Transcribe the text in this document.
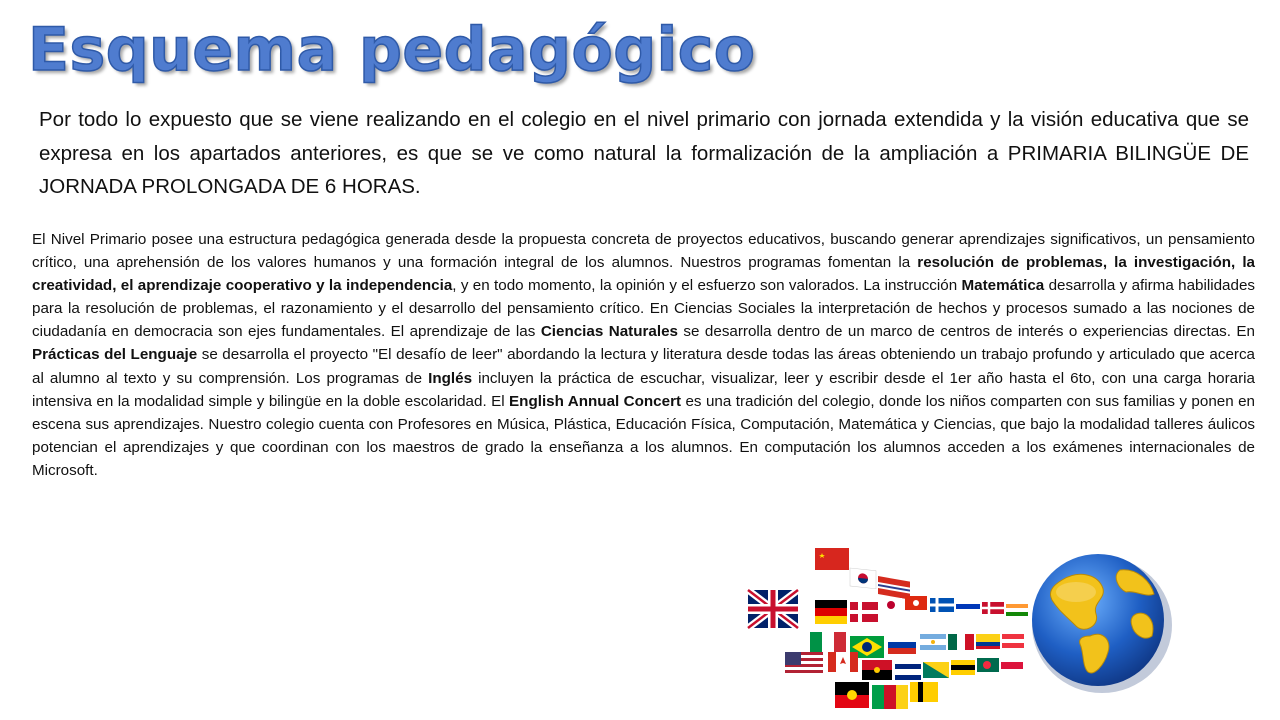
Esquema pedagógico

Por todo lo expuesto que se viene realizando en el colegio en el nivel primario con jornada extendida y la visión educativa que se expresa en los apartados anteriores, es que se ve como natural la formalización de la ampliación a PRIMARIA BILINGÜE DE JORNADA PROLONGADA DE 6 HORAS.

El Nivel Primario posee una estructura pedagógica generada desde la propuesta concreta de proyectos educativos, buscando generar aprendizajes significativos, un pensamiento crítico, una aprehensión de los valores humanos y una formación integral de los alumnos. Nuestros programas fomentan la resolución de problemas, la investigación, la creatividad, el aprendizaje cooperativo y la independencia, y en todo momento, la opinión y el esfuerzo son valorados. La instrucción Matemática desarrolla y afirma habilidades para la resolución de problemas, el razonamiento y el desarrollo del pensamiento crítico. En Ciencias Sociales la interpretación de hechos y procesos sumado a las nociones de ciudadanía en democracia son ejes fundamentales. El aprendizaje de las Ciencias Naturales se desarrolla dentro de un marco de centros de interés o experiencias directas. En Prácticas del Lenguaje se desarrolla el proyecto "El desafío de leer" abordando la lectura y literatura desde todas las áreas obteniendo un trabajo profundo y articulado que acerca al alumno al texto y su comprensión. Los programas de Inglés incluyen la práctica de escuchar, visualizar, leer y escribir desde el 1er año hasta el 6to, con una carga horaria intensiva en la modalidad simple y bilingüe en la doble escolaridad. El English Annual Concert es una tradición del colegio, donde los niños comparten con sus familias y ponen en escena sus aprendizajes. Nuestro colegio cuenta con Profesores en Música, Plástica, Educación Física, Computación, Matemática y Ciencias, que bajo la modalidad talleres áulicos potencian el aprendizajes y que coordinan con los maestros de grado la enseñanza a los alumnos. En computación los alumnos acceden a los exámenes internacionales de Microsoft.
